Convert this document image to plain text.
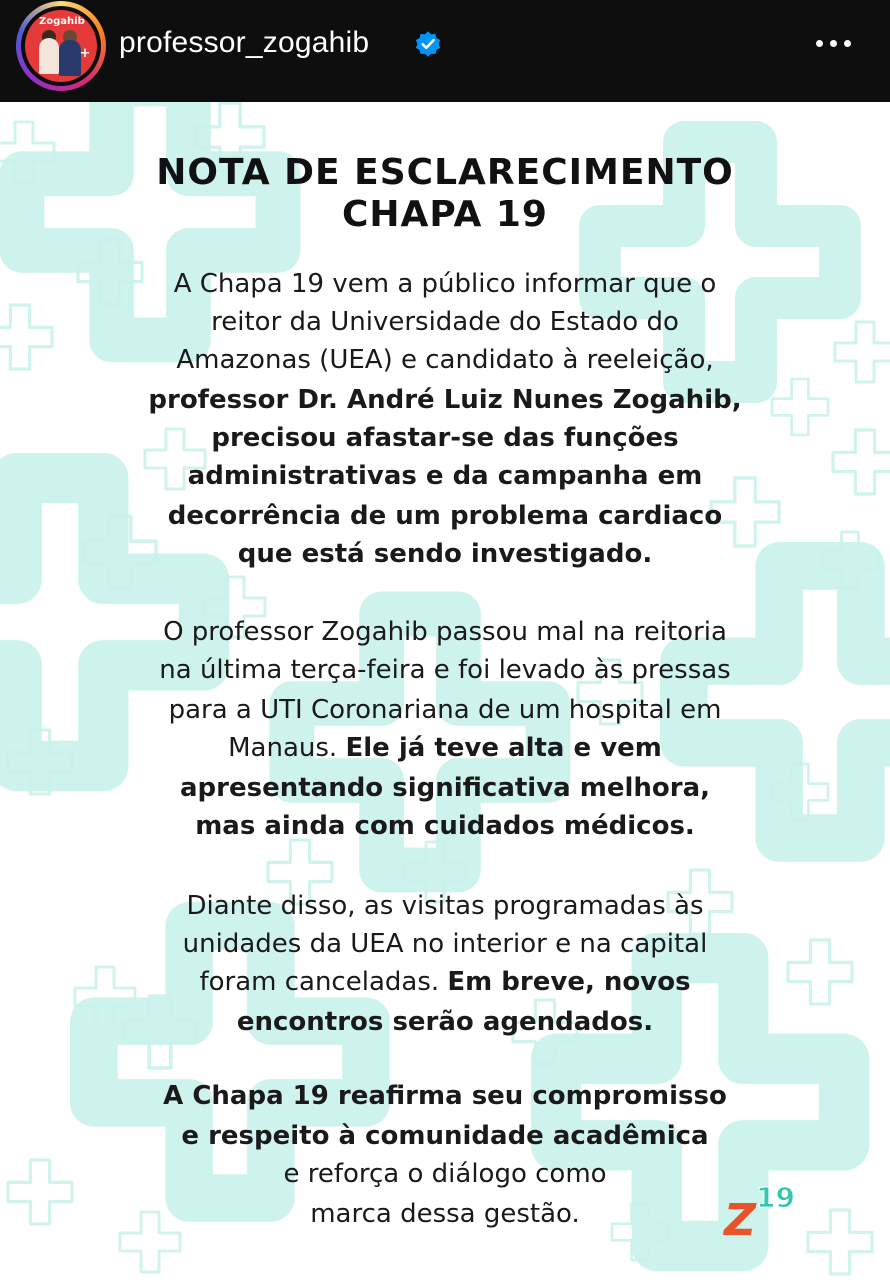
Zogahib
+ professor_zogahib
NOTA DE ESCLARECIMENTO
CHAPA 19
A Chapa 19 vem a público informar que o
reitor da Universidade do Estado do
Amazonas (UEA) e candidato à reeleição,
professor Dr. André Luiz Nunes Zogahib,
precisou afastar-se das funções
administrativas e da campanha em
decorrência de um problema cardiaco
que está sendo investigado.
O professor Zogahib passou mal na reitoria
na última terça-feira e foi levado às pressas
para a UTI Coronariana de um hospital em
Manaus. Ele já teve alta e vem
apresentando significativa melhora,
mas ainda com cuidados médicos.
Diante disso, as visitas programadas às
unidades da UEA no interior e na capital
foram canceladas. Em breve, novos
encontros serão agendados.
A Chapa 19 reafirma seu compromisso
e respeito à comunidade acadêmica
e reforça o diálogo como
marca dessa gestão.	Z 19
